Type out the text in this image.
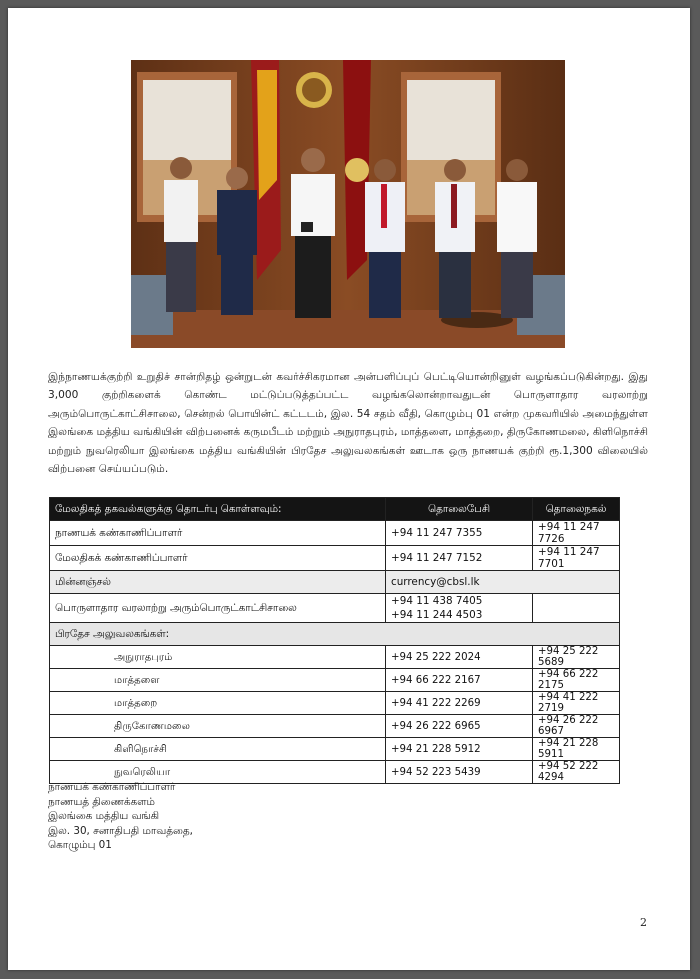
இந்நாணயக்குற்றி உறுதிச் சான்றிதழ் ஒன்றுடன் கவர்ச்சிகரமான அன்பளிப்புப் பெட்டியொன்றினுள் வழங்கப்படுகின்றது. இது 3,000 குற்றிகளைக் கொண்ட மட்டுப்படுத்தப்பட்ட வழங்கலொன்றாவதுடன் பொருளாதார வரலாற்று அரும்பொருட்காட்சிசாலை, சென்றல் பொயின்ட் கட்டடம், இல. 54 சதம் வீதி, கொழும்பு 01 என்ற முகவரியில் அமைந்துள்ள இலங்கை மத்திய வங்கியின் விற்பனைக் கருமபீடம் மற்றும் அநுராதபுரம், மாத்தளை, மாத்தறை, திருகோணமலை, கிளிநொச்சி மற்றும் நுவரெலியா இலங்கை மத்திய வங்கியின் பிரதேச அலுவலகங்கள் ஊடாக ஒரு நாணயக் குற்றி ரூ.1,300 விலையில் விற்பனை செய்யப்படும்.
மேலதிகத் தகவல்களுக்கு தொடர்பு கொள்ளவும்:	தொலைபேசி	தொலைநகல்
நாணயக் கண்காணிப்பாளர்	+94 11 247 7355	+94 11 247 7726
மேலதிகக் கண்காணிப்பாளர்	+94 11 247 7152	+94 11 247 7701
மின்னஞ்சல்	currency@cbsl.lk	
பொருளாதார வரலாற்று அரும்பொருட்காட்சிசாலை	+94 11 438 7405
+94 11 244 4503	

பிரதேச அலுவலகங்கள்:		
அநுராதபுரம்	+94 25 222 2024	+94 25 222 5689
மாத்தளை	+94 66 222 2167	+94 66 222 2175
மாத்தறை	+94 41 222 2269	+94 41 222 2719
திருகோணமலை	+94 26 222 6965	+94 26 222 6967
கிளிநொச்சி	+94 21 228 5912	+94 21 228 5911
நுவரெலியா	+94 52 223 5439	+94 52 222 4294
நாணயக் கண்காணிப்பாளர்
நாணயத் திணைக்களம்
இலங்கை மத்திய வங்கி
இல. 30, சனாதிபதி மாவத்தை,
கொழும்பு 01
2
